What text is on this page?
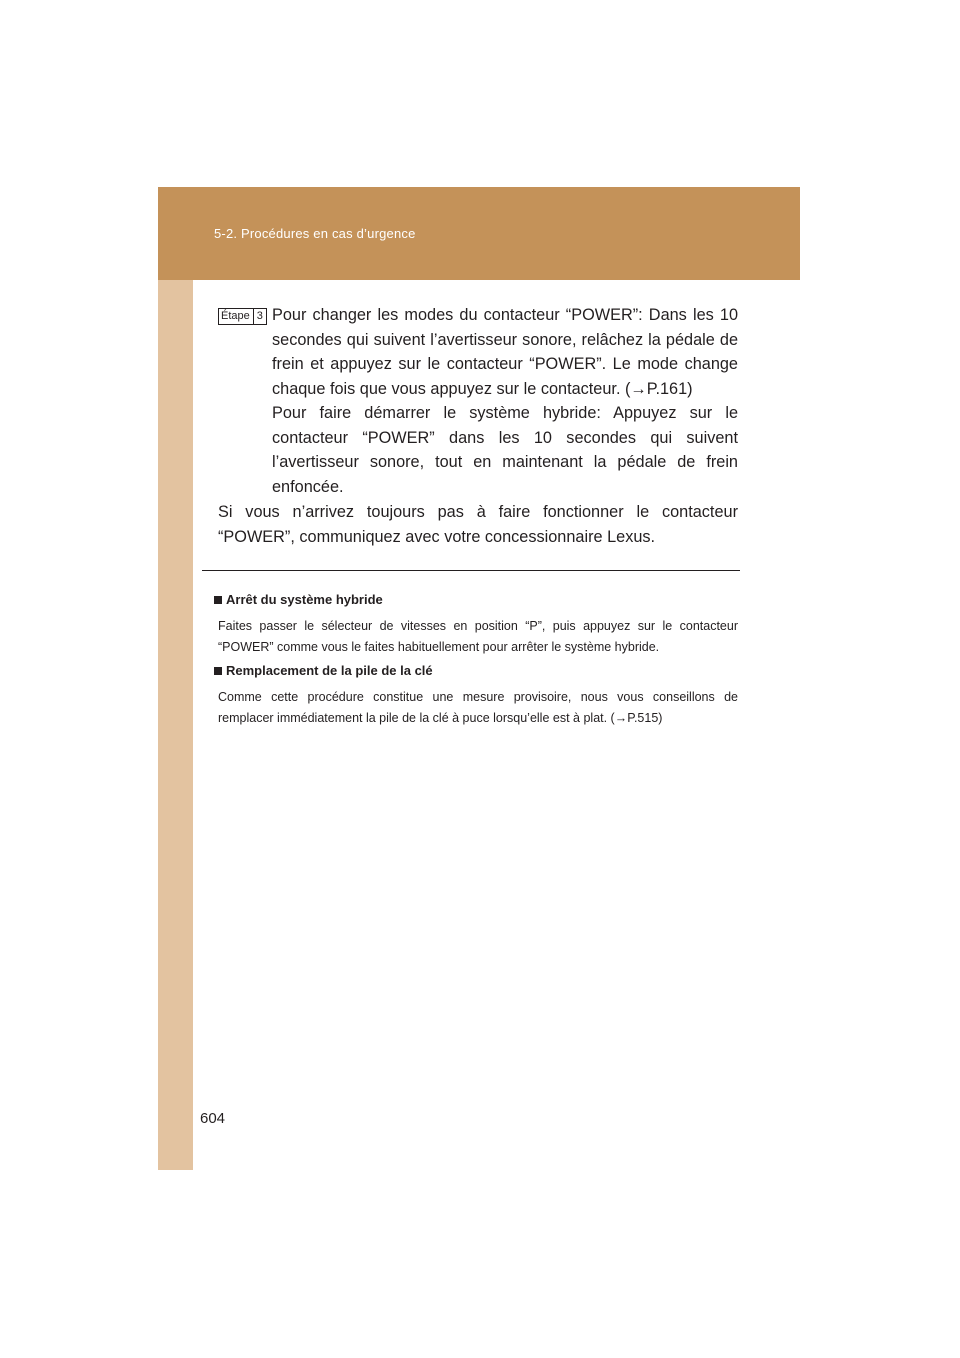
5-2. Procédures en cas d’urgence
Étape 3 Pour changer les modes du contacteur “POWER”: Dans les 10 secondes qui suivent l’avertisseur sonore, relâchez la pédale de frein et appuyez sur le contacteur “POWER”. Le mode change chaque fois que vous appuyez sur le contacteur. (→P.161)

Pour faire démarrer le système hybride: Appuyez sur le contacteur “POWER” dans les 10 secondes qui suivent l’avertisseur sonore, tout en maintenant la pédale de frein enfoncée.

Si vous n’arrivez toujours pas à faire fonctionner le contacteur “POWER”, communiquez avec votre concessionnaire Lexus.

Arrêt du système hybride

Faites passer le sélecteur de vitesses en position “P”, puis appuyez sur le contacteur “POWER” comme vous le faites habituellement pour arrêter le système hybride.

Remplacement de la pile de la clé

Comme cette procédure constitue une mesure provisoire, nous vous conseillons de remplacer immédiatement la pile de la clé à puce lorsqu’elle est à plat. (→P.515)

604
